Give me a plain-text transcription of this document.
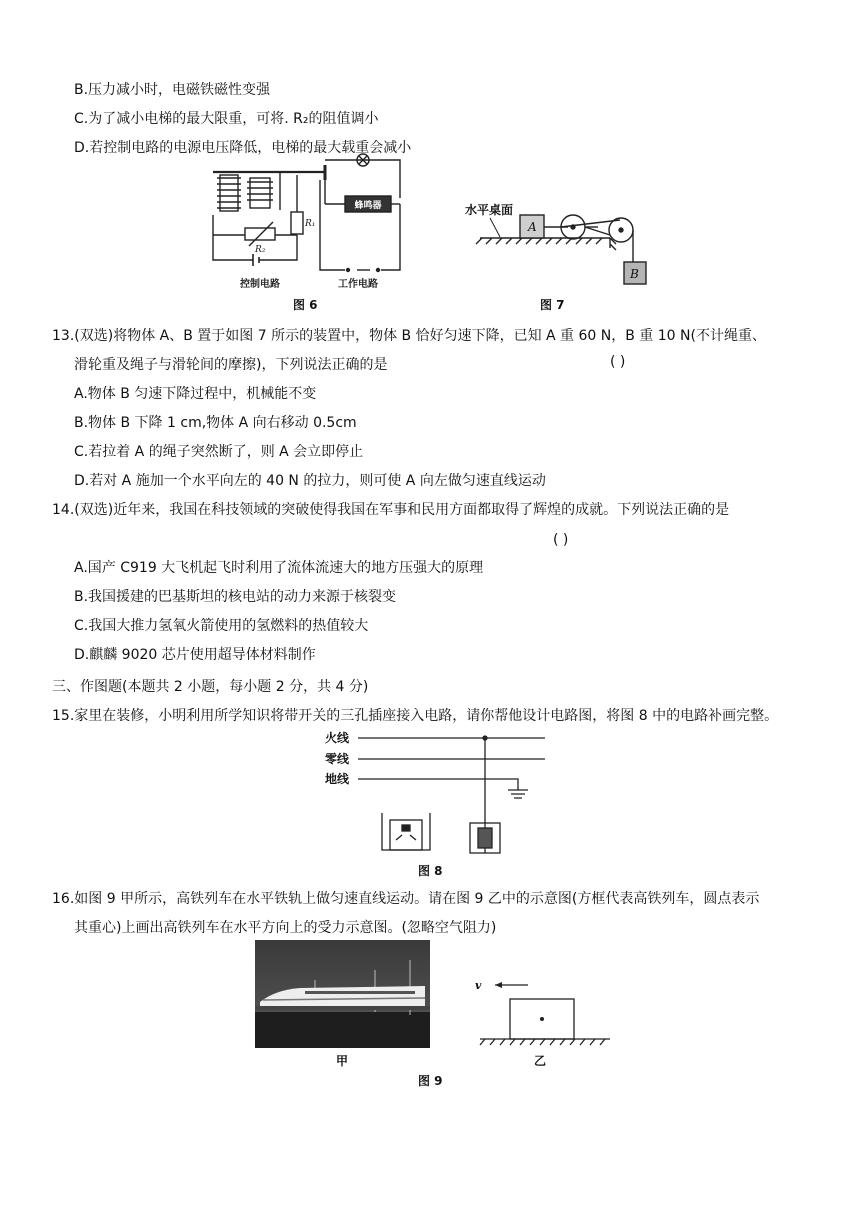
B.压力减小时，电磁铁磁性变强
C.为了减小电梯的最大限重，可将. R₂的阻值调小
D.若控制电路的电源电压降低，电梯的最大载重会减小
蜂鸣器
R₁
R₂
控制电路	工作电路
图 6
水平桌面
A
B
图 7
13.(双选)将物体 A、B 置于如图 7 所示的装置中，物体 B 恰好匀速下降，已知 A 重 60 N，B 重 10 N(不计绳重、
滑轮重及绳子与滑轮间的摩擦)，下列说法正确的是	( )
A.物体 B 匀速下降过程中，机械能不变
B.物体 B 下降 1 cm,物体 A 向右移动 0.5cm
C.若拉着 A 的绳子突然断了，则 A 会立即停止
D.若对 A 施加一个水平向左的 40 N 的拉力，则可使 A 向左做匀速直线运动
14.(双选)近年来，我国在科技领域的突破使得我国在军事和民用方面都取得了辉煌的成就。下列说法正确的是
( )
A.国产 C919 大飞机起飞时利用了流体流速大的地方压强大的原理
B.我国援建的巴基斯坦的核电站的动力来源于核裂变
C.我国大推力氢氧火箭使用的氢燃料的热值较大
D.麒麟 9020 芯片使用超导体材料制作
三、作图题(本题共 2 小题，每小题 2 分，共 4 分)
15.家里在装修，小明利用所学知识将带开关的三孔插座接入电路，请你帮他设计电路图，将图 8 中的电路补画完整。
火线
零线
地线
图 8
16.如图 9 甲所示，高铁列车在水平铁轨上做匀速直线运动。请在图 9 乙中的示意图(方框代表高铁列车，圆点表示
其重心)上画出高铁列车在水平方向上的受力示意图。(忽略空气阻力)
甲
v
乙
图 9
